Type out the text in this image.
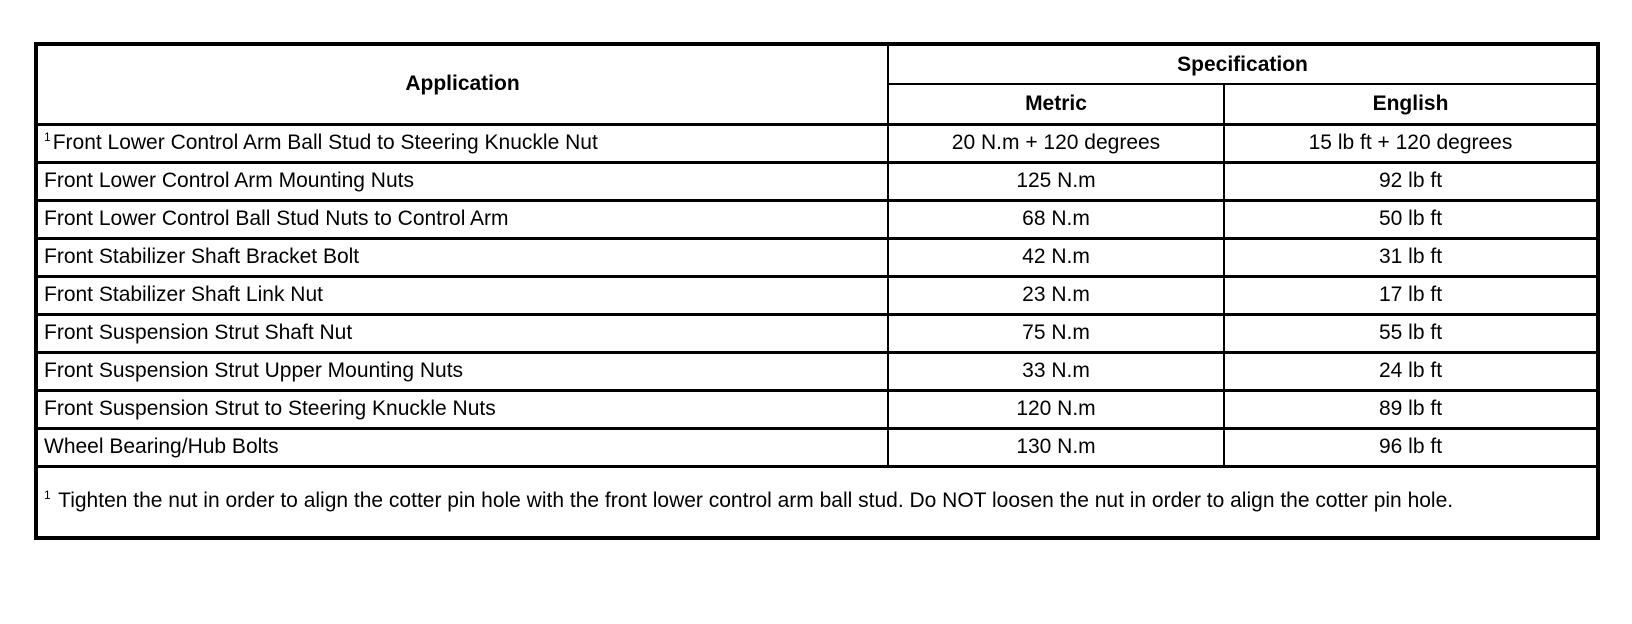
Application	Specification	
	Metric	English
$^1$Front Lower Control Arm Ball Stud to Steering Knuckle Nut	20 N.m + 120 degrees	15 lb ft + 120 degrees
Front Lower Control Arm Mounting Nuts	125 N.m	92 lb ft
Front Lower Control Ball Stud Nuts to Control Arm	68 N.m	50 lb ft
Front Stabilizer Shaft Bracket Bolt	42 N.m	31 lb ft
Front Stabilizer Shaft Link Nut	23 N.m	17 lb ft
Front Suspension Strut Shaft Nut	75 N.m	55 lb ft
Front Suspension Strut Upper Mounting Nuts	33 N.m	24 lb ft
Front Suspension Strut to Steering Knuckle Nuts	120 N.m	89 lb ft
Wheel Bearing/Hub Bolts	130 N.m	96 lb ft
$^1$ Tighten the nut in order to align the cotter pin hole with the front lower control arm ball stud. Do NOT loosen the nut in order to align the cotter pin hole.		
